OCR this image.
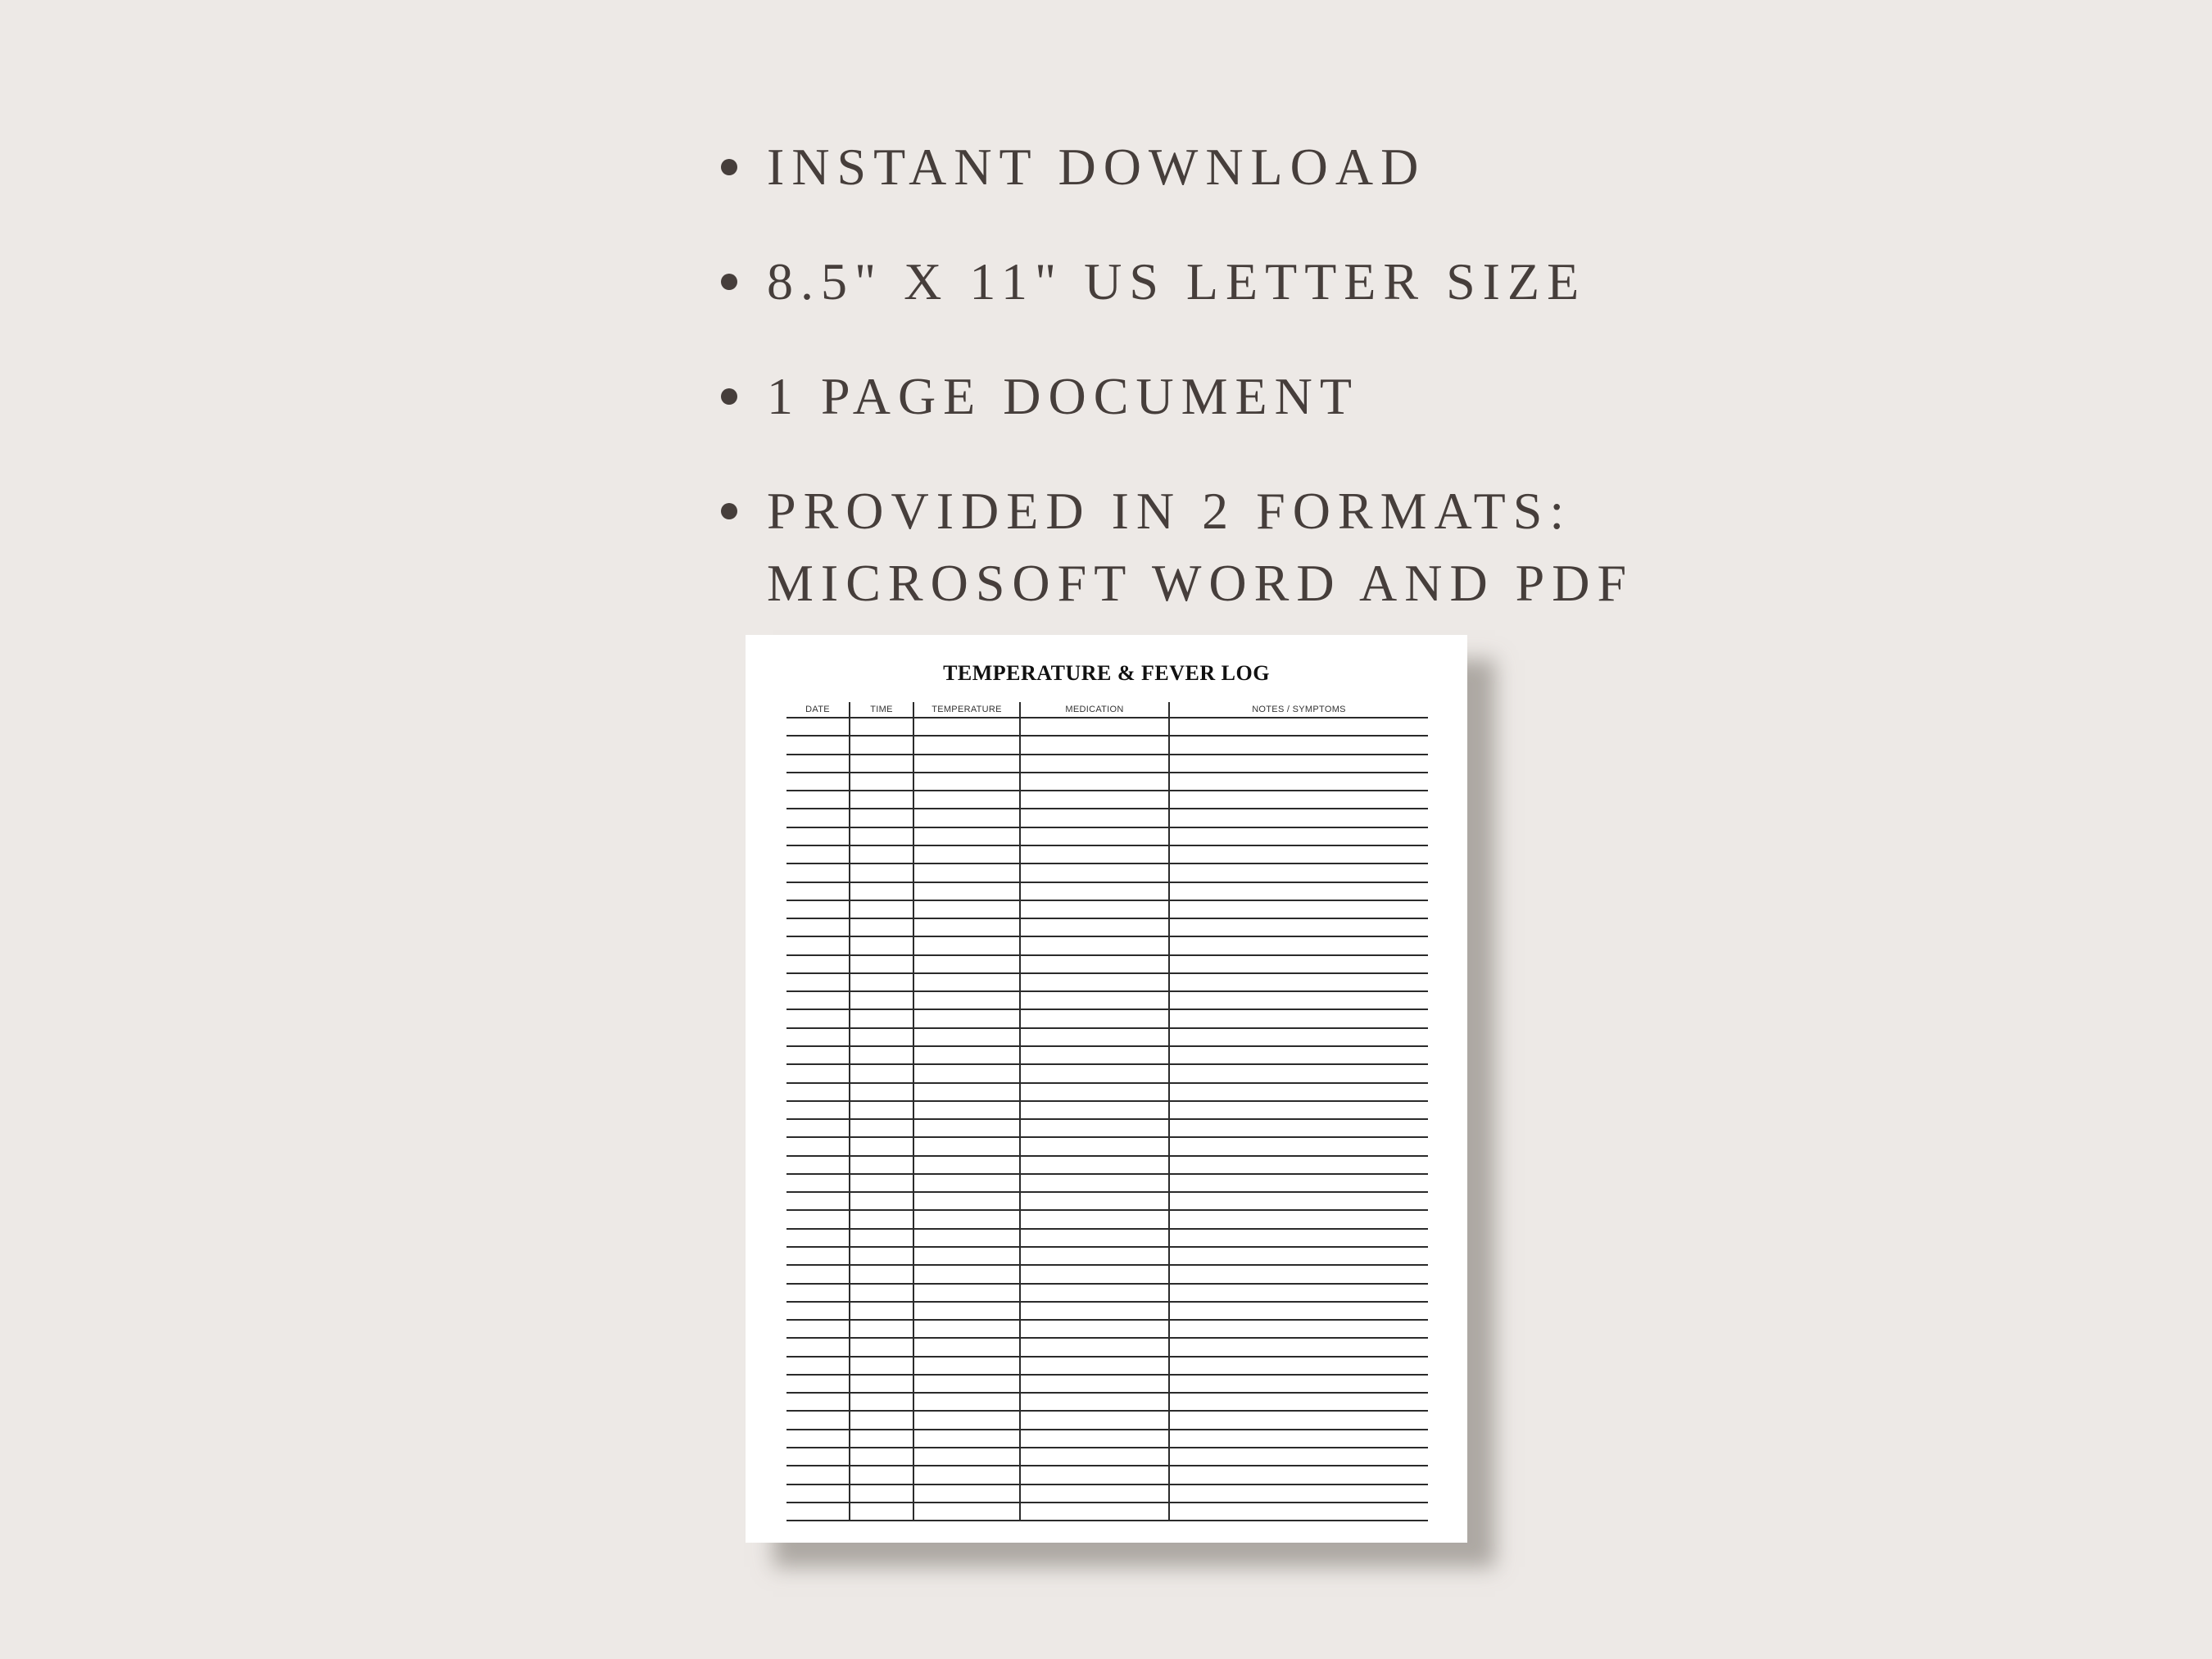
INSTANT DOWNLOAD
8.5" X 11" US LETTER SIZE
1 PAGE DOCUMENT
PROVIDED IN 2 FORMATS:
MICROSOFT WORD AND PDF
TEMPERATURE & FEVER LOG
DATE	TIME	TEMPERATURE	MEDICATION	NOTES / SYMPTOMS
